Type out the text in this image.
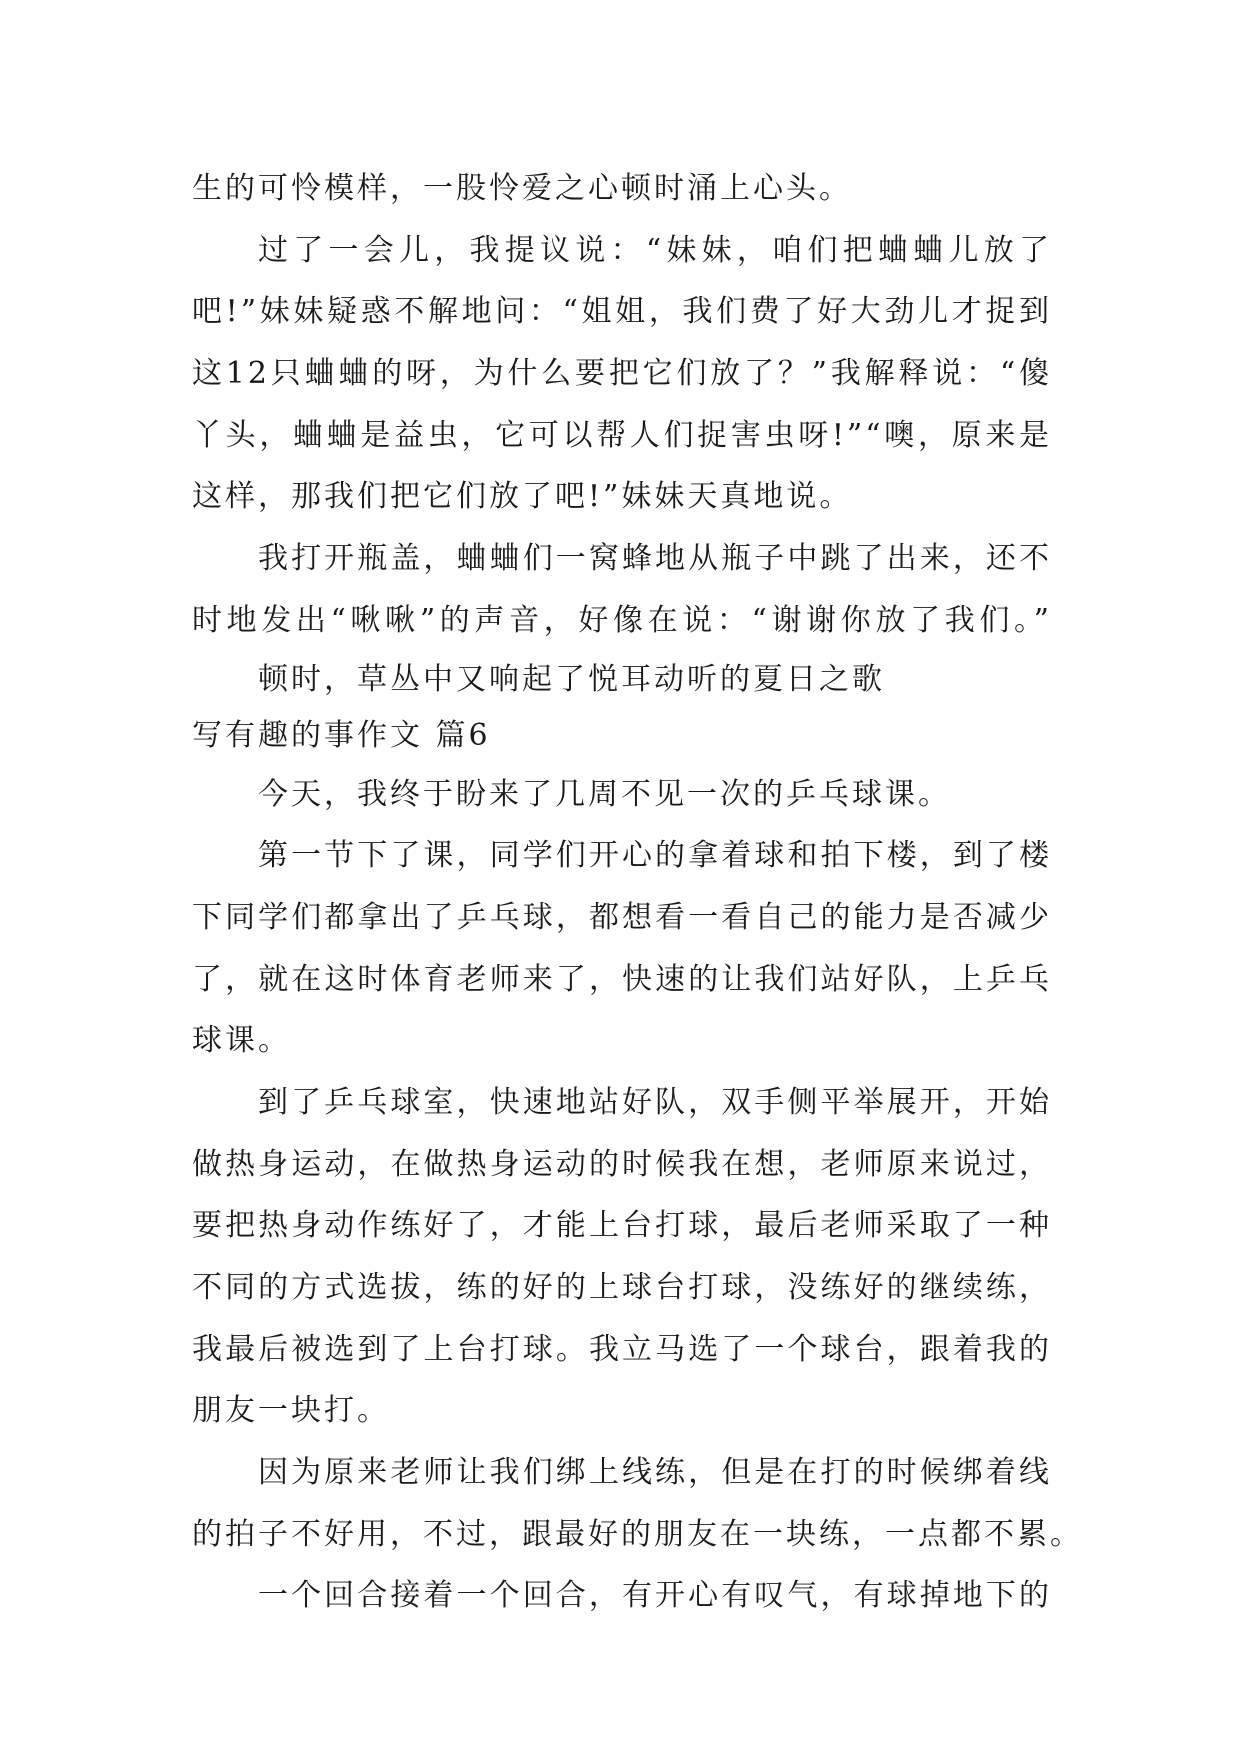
生的可怜模样，一股怜爱之心顿时涌上心头。
过了一会儿，我提议说：“妹妹，咱们把蛐蛐儿放了
吧!”妹妹疑惑不解地问：“姐姐，我们费了好大劲儿才捉到
这12只蛐蛐的呀，为什么要把它们放了？”我解释说：“傻
丫头，蛐蛐是益虫，它可以帮人们捉害虫呀!”“噢，原来是
这样，那我们把它们放了吧!”妹妹天真地说。
我打开瓶盖，蛐蛐们一窝蜂地从瓶子中跳了出来，还不
时地发出“啾啾”的声音，好像在说：“谢谢你放了我们。”
顿时，草丛中又响起了悦耳动听的夏日之歌
写有趣的事作文 篇6
今天，我终于盼来了几周不见一次的乒乓球课。
第一节下了课，同学们开心的拿着球和拍下楼，到了楼
下同学们都拿出了乒乓球，都想看一看自己的能力是否减少
了，就在这时体育老师来了，快速的让我们站好队，上乒乓
球课。
到了乒乓球室，快速地站好队，双手侧平举展开，开始
做热身运动，在做热身运动的时候我在想，老师原来说过，
要把热身动作练好了，才能上台打球，最后老师采取了一种
不同的方式选拔，练的好的上球台打球，没练好的继续练，
我最后被选到了上台打球。我立马选了一个球台，跟着我的
朋友一块打。
因为原来老师让我们绑上线练，但是在打的时候绑着线
的拍子不好用，不过，跟最好的朋友在一块练，一点都不累。
一个回合接着一个回合，有开心有叹气，有球掉地下的
